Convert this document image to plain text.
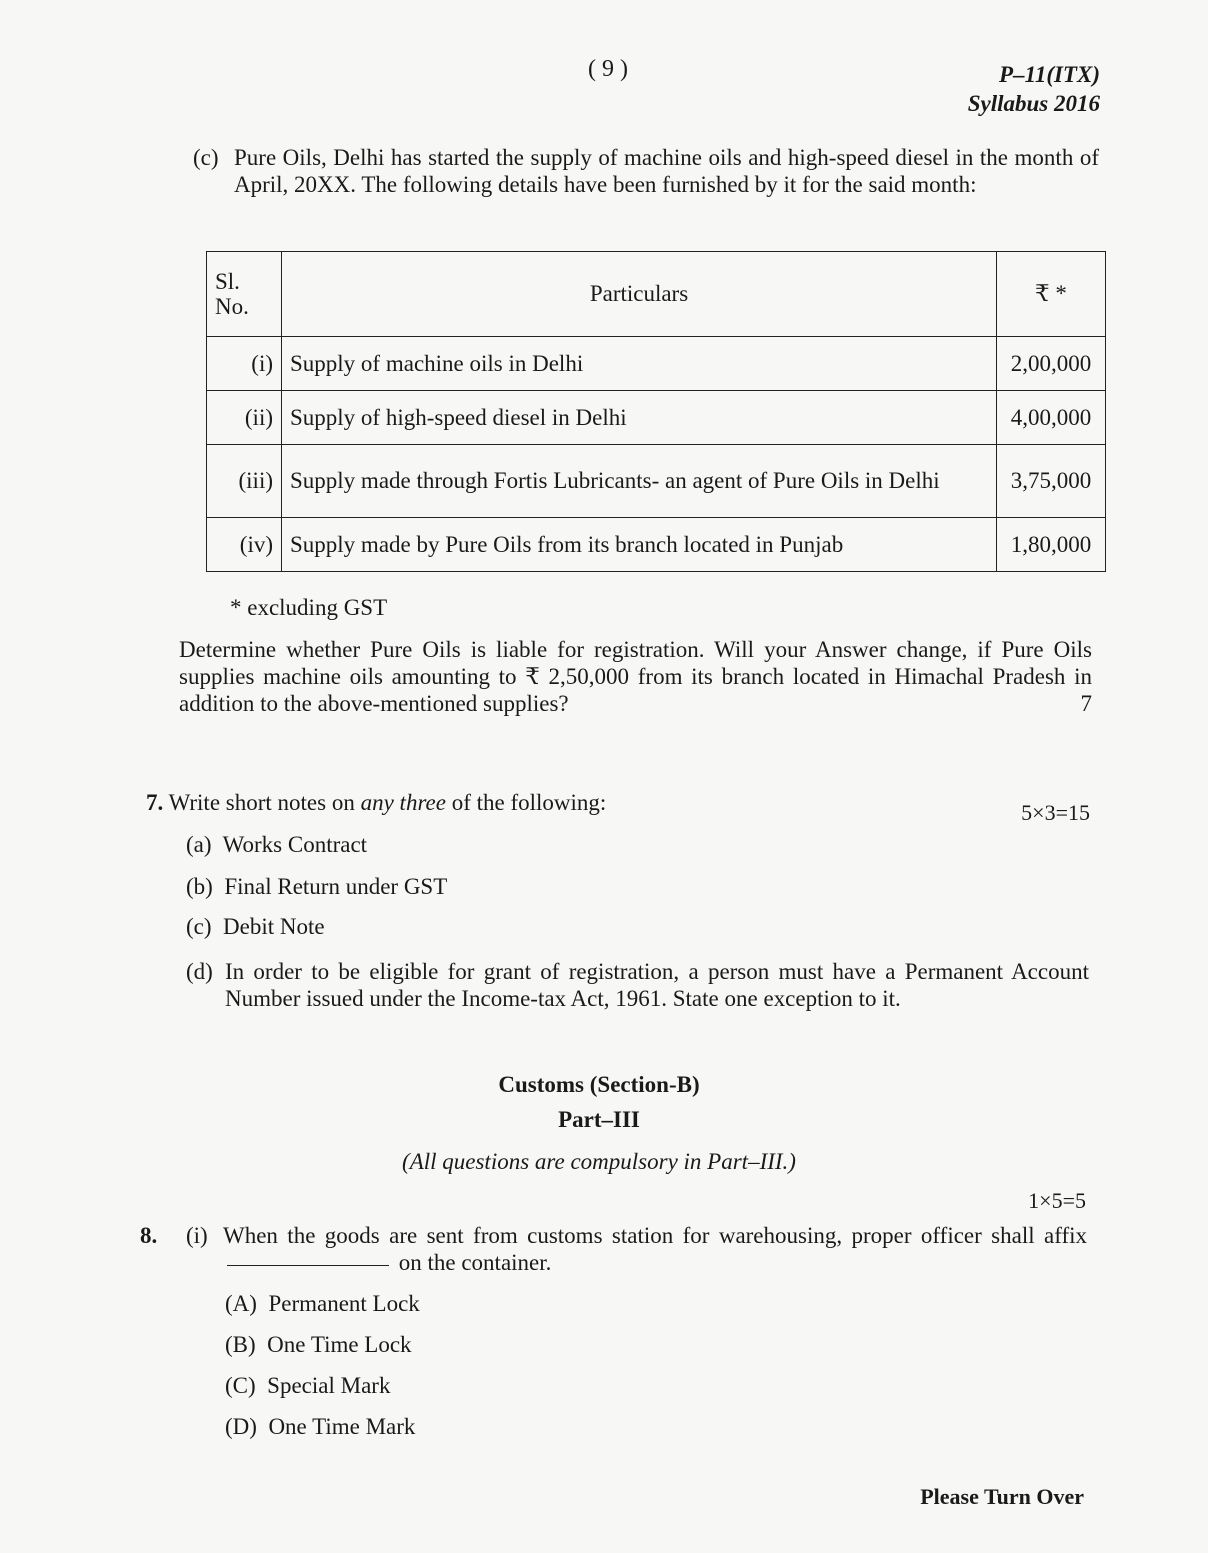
( 9 )	P–11(ITX)
Syllabus 2016
(c) Pure Oils, Delhi has started the supply of machine oils and high-speed diesel in the month of April, 20XX. The following details have been furnished by it for the said month:
Sl. No.	Particulars	₹ *
(i)	Supply of machine oils in Delhi	2,00,000
(ii)	Supply of high-speed diesel in Delhi	4,00,000
(iii)	Supply made through Fortis Lubricants- an agent of Pure Oils in Delhi	3,75,000
(iv)	Supply made by Pure Oils from its branch located in Punjab	1,80,000
* excluding GST
Determine whether Pure Oils is liable for registration. Will your Answer change, if Pure Oils supplies machine oils amounting to ₹ 2,50,000 from its branch located in Himachal Pradesh in addition to the above-mentioned supplies?	7
7. Write short notes on any three of the following:	5×3=15
(a) Works Contract
(b) Final Return under GST
(c) Debit Note
(d) In order to be eligible for grant of registration, a person must have a Permanent Account Number issued under the Income-tax Act, 1961. State one exception to it.
Customs (Section-B)
Part–III
(All questions are compulsory in Part–III.)
1×5=5
8. (i) When the goods are sent from customs station for warehousing, proper officer shall affix  on the container.
(A) Permanent Lock
(B) One Time Lock
(C) Special Mark
(D) One Time Mark
Please Turn Over
